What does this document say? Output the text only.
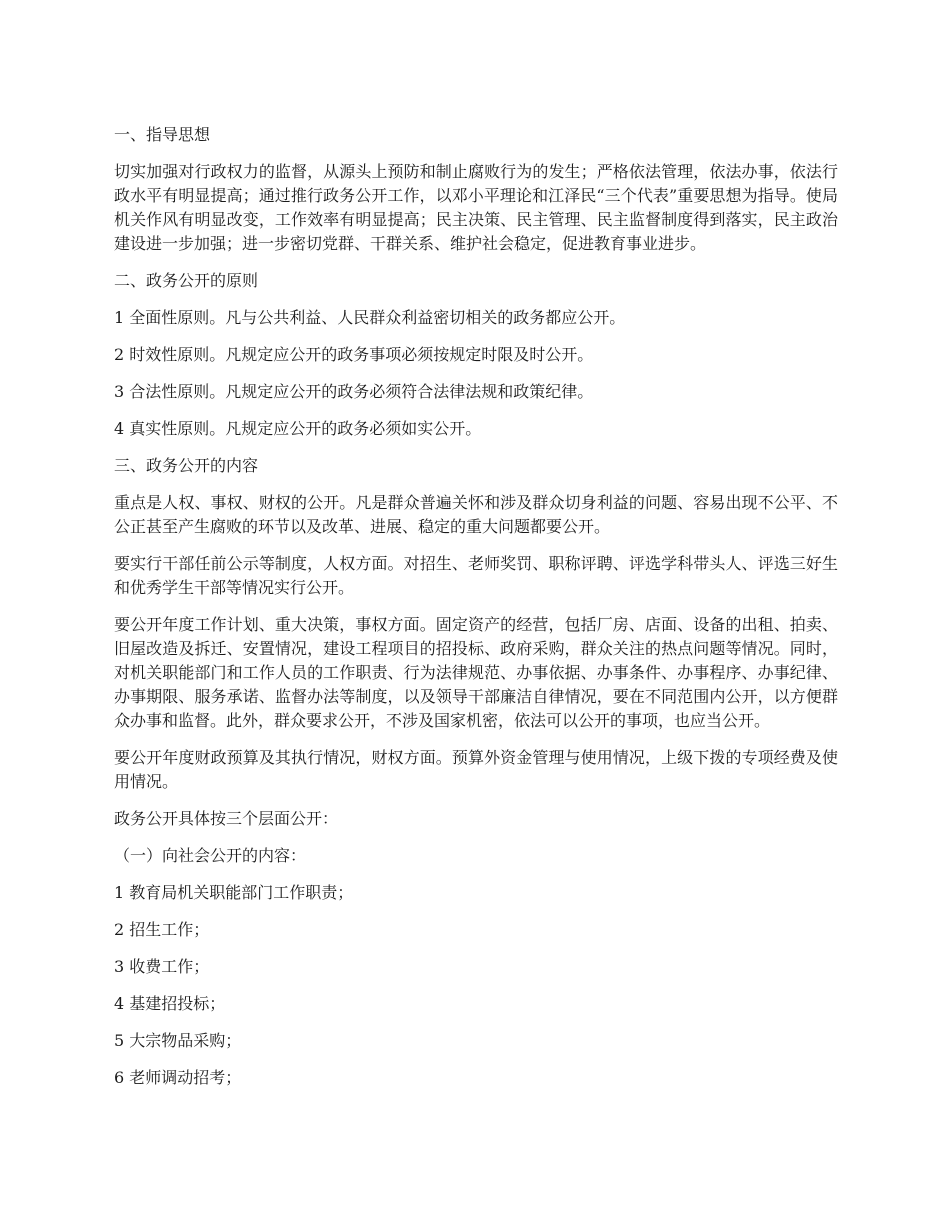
一、指导思想

切实加强对行政权力的监督，从源头上预防和制止腐败行为的发生；严格依法管理，依法办事，依法行政水平有明显提高；通过推行政务公开工作，以邓小平理论和江泽民“三个代表”重要思想为指导。使局机关作风有明显改变，工作效率有明显提高；民主决策、民主管理、民主监督制度得到落实，民主政治建设进一步加强；进一步密切党群、干群关系、维护社会稳定，促进教育事业进步。

二、政务公开的原则

1 全面性原则。凡与公共利益、人民群众利益密切相关的政务都应公开。

2 时效性原则。凡规定应公开的政务事项必须按规定时限及时公开。

3 合法性原则。凡规定应公开的政务必须符合法律法规和政策纪律。

4 真实性原则。凡规定应公开的政务必须如实公开。

三、政务公开的内容

重点是人权、事权、财权的公开。凡是群众普遍关怀和涉及群众切身利益的问题、容易出现不公平、不公正甚至产生腐败的环节以及改革、进展、稳定的重大问题都要公开。

要实行干部任前公示等制度，人权方面。对招生、老师奖罚、职称评聘、评选学科带头人、评选三好生和优秀学生干部等情况实行公开。

要公开年度工作计划、重大决策，事权方面。固定资产的经营，包括厂房、店面、设备的出租、拍卖、旧屋改造及拆迁、安置情况，建设工程项目的招投标、政府采购，群众关注的热点问题等情况。同时，对机关职能部门和工作人员的工作职责、行为法律规范、办事依据、办事条件、办事程序、办事纪律、办事期限、服务承诺、监督办法等制度，以及领导干部廉洁自律情况，要在不同范围内公开，以方便群众办事和监督。此外，群众要求公开，不涉及国家机密，依法可以公开的事项，也应当公开。

要公开年度财政预算及其执行情况，财权方面。预算外资金管理与使用情况，上级下拨的专项经费及使用情况。

政务公开具体按三个层面公开：

（一）向社会公开的内容：

1 教育局机关职能部门工作职责；

2 招生工作；

3 收费工作；

4 基建招投标；

5 大宗物品采购；

6 老师调动招考；
